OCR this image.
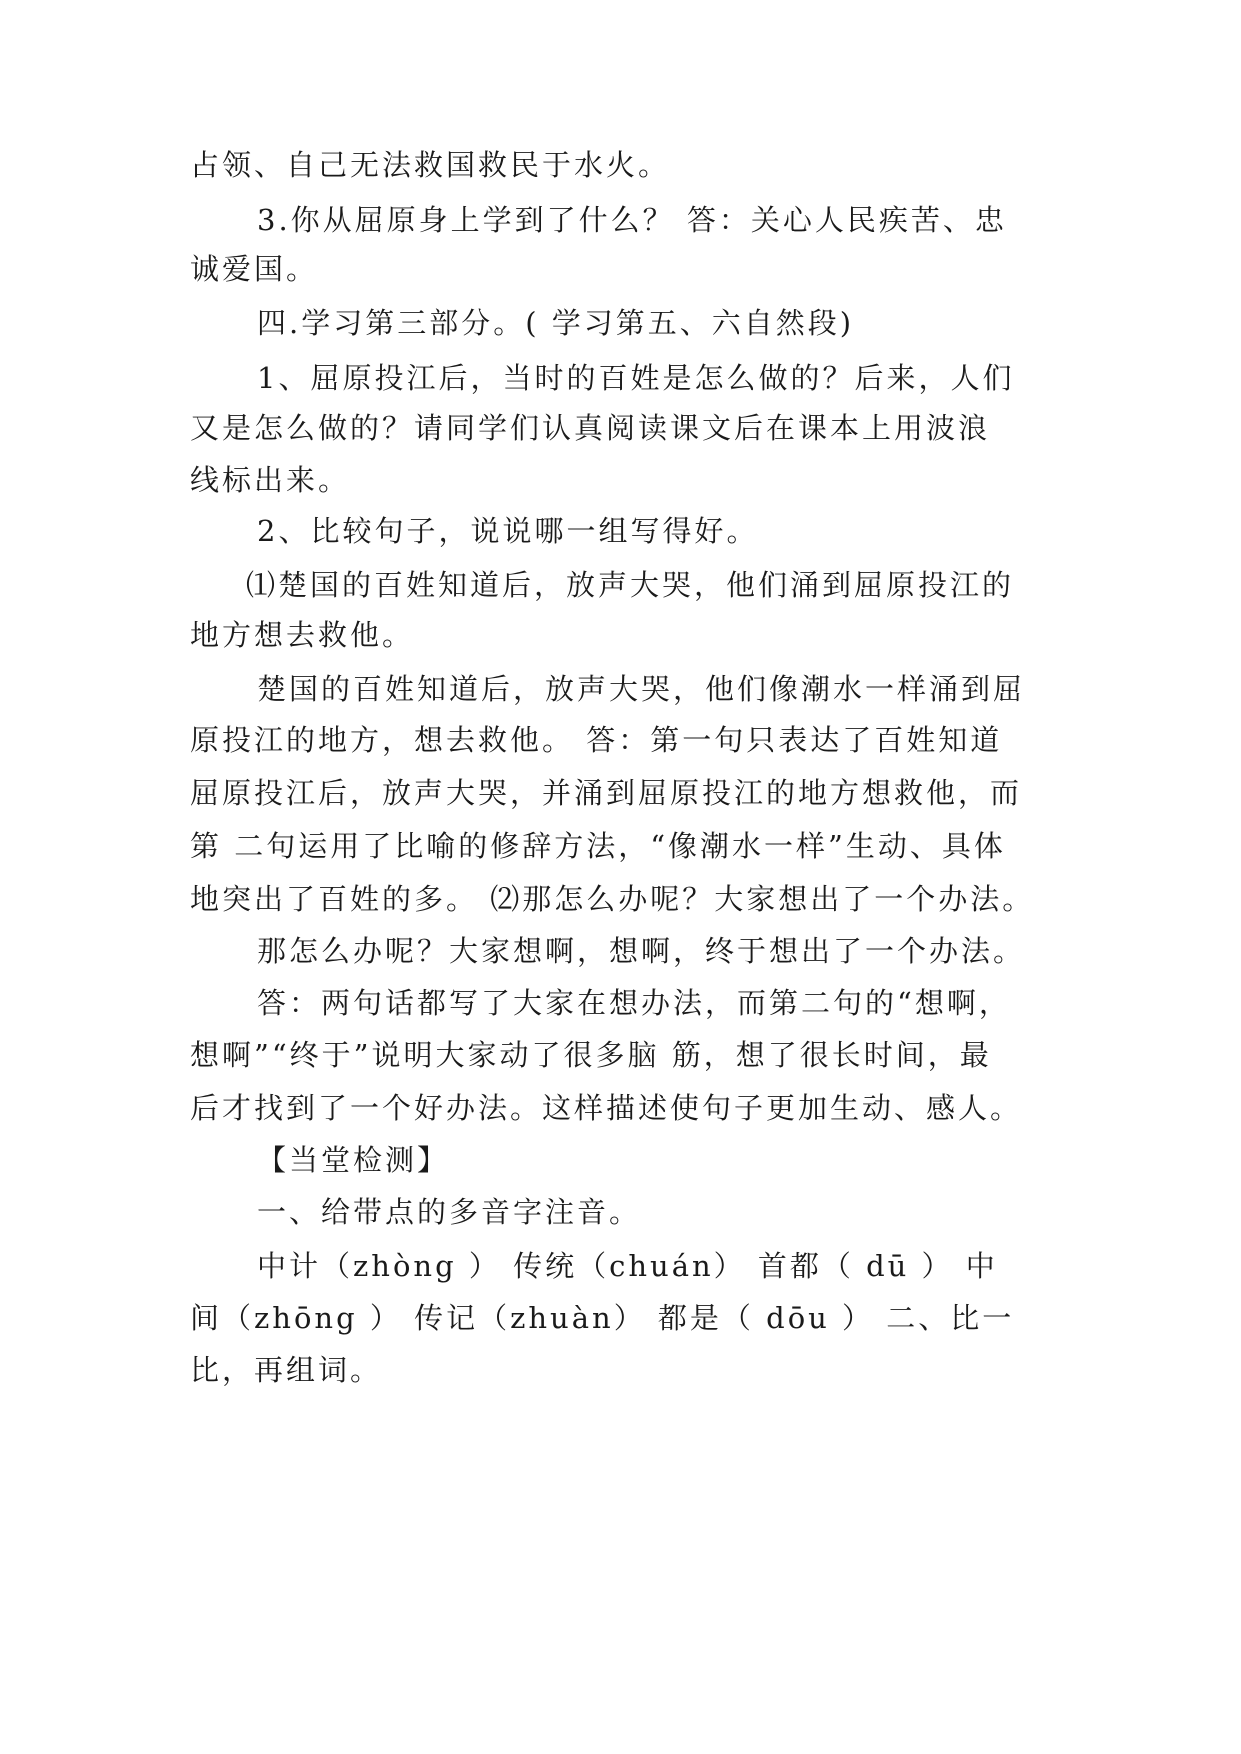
占领、自己无法救国救民于水火。
3.你从屈原身上学到了什么？ 答：关心人民疾苦、忠
诚爱国。
四.学习第三部分。( 学习第五、六自然段)
1、屈原投江后，当时的百姓是怎么做的？后来，人们
又是怎么做的？请同学们认真阅读课文后在课本上用波浪
线标出来。
2、比较句子，说说哪一组写得好。
⑴楚国的百姓知道后，放声大哭，他们涌到屈原投江的
地方想去救他。
楚国的百姓知道后，放声大哭，他们像潮水一样涌到屈
原投江的地方，想去救他。 答：第一句只表达了百姓知道
屈原投江后，放声大哭，并涌到屈原投江的地方想救他，而
第 二句运用了比喻的修辞方法，“像潮水一样”生动、具体
地突出了百姓的多。 ⑵那怎么办呢？大家想出了一个办法。
那怎么办呢？大家想啊，想啊，终于想出了一个办法。
答：两句话都写了大家在想办法，而第二句的“想啊，
想啊”“终于”说明大家动了很多脑 筋，想了很长时间，最
后才找到了一个好办法。这样描述使句子更加生动、感人。
【当堂检测】
一、给带点的多音字注音。
中计（zhòng ） 传统（chuán） 首都（ dū ） 中
间（zhōng ） 传记（zhuàn） 都是（ dōu ） 二、比一
比，再组词。
